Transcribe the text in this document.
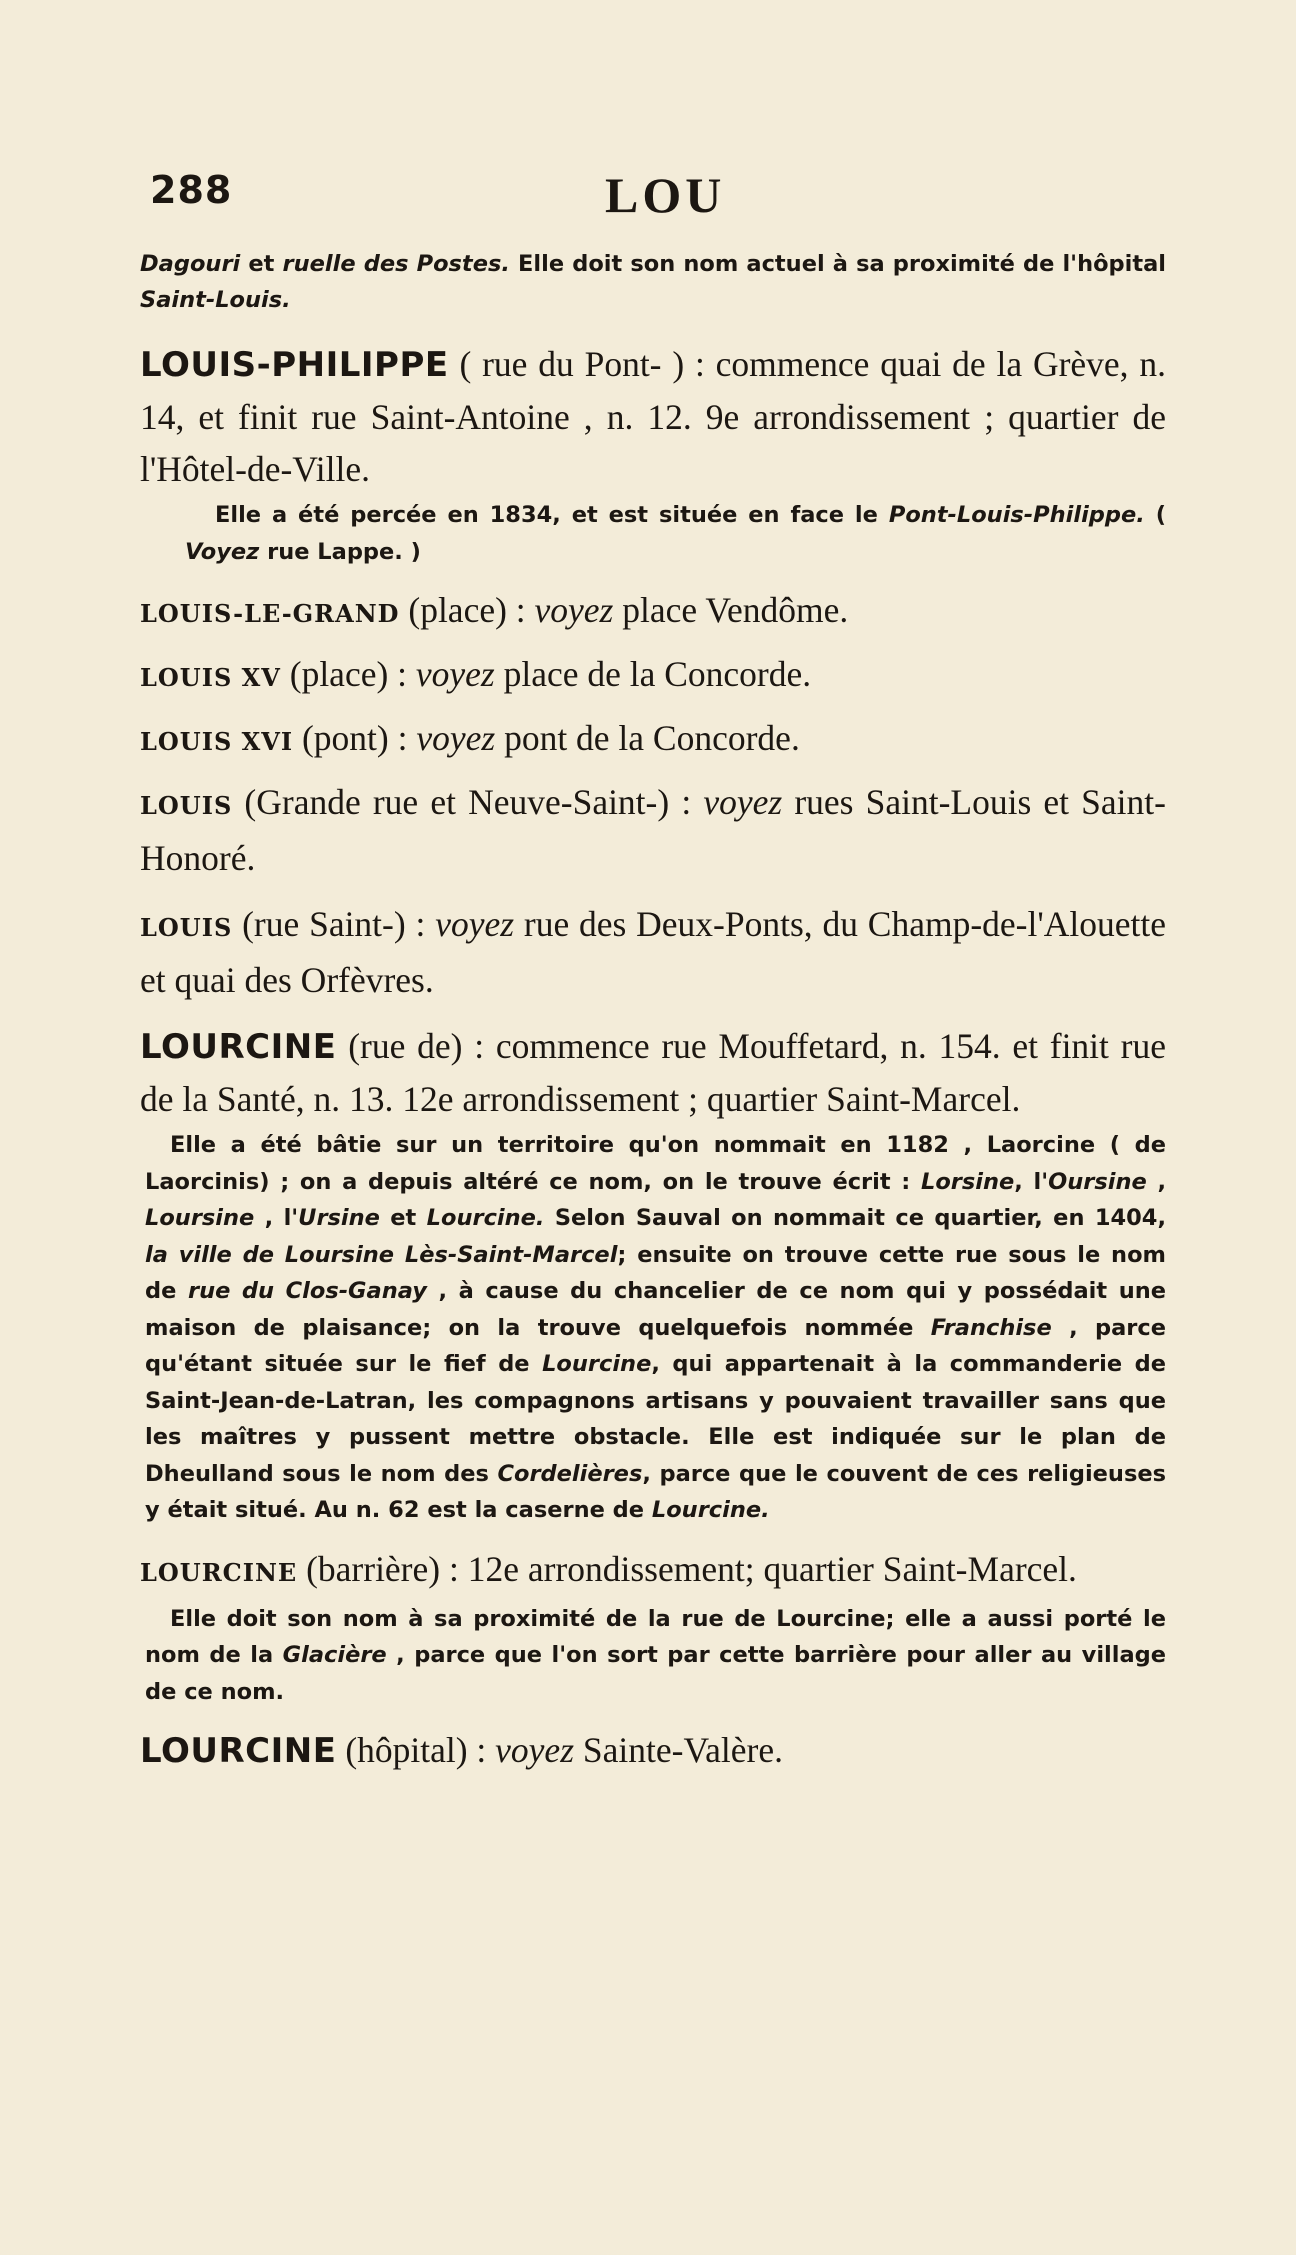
288	LOU
Dagouri et ruelle des Postes. Elle doit son nom actuel à sa proximité de l'hôpital Saint-Louis.
LOUIS-PHILIPPE ( rue du Pont- ) : commence quai de la Grève, n. 14, et finit rue Saint-Antoine , n. 12. 9e arrondissement ; quartier de l'Hôtel-de-Ville.
Elle a été percée en 1834, et est située en face le Pont-Louis-Philippe. ( Voyez rue Lappe. )
LOUIS-LE-GRAND (place) : voyez place Vendôme.
LOUIS XV (place) : voyez place de la Concorde.
LOUIS XVI (pont) : voyez pont de la Concorde.
LOUIS (Grande rue et Neuve-Saint-) : voyez rues Saint-Louis et Saint-Honoré.
LOUIS (rue Saint-) : voyez rue des Deux-Ponts, du Champ-de-l'Alouette et quai des Orfèvres.
LOURCINE (rue de) : commence rue Mouffetard, n. 154. et finit rue de la Santé, n. 13. 12e arrondissement ; quartier Saint-Marcel.
Elle a été bâtie sur un territoire qu'on nommait en 1182 , Laorcine ( de Laorcinis) ; on a depuis altéré ce nom, on le trouve écrit : Lorsine, l'Oursine , Loursine , l'Ursine et Lourcine. Selon Sauval on nommait ce quartier, en 1404, la ville de Loursine Lès-Saint-Marcel; ensuite on trouve cette rue sous le nom de rue du Clos-Ganay , à cause du chancelier de ce nom qui y possédait une maison de plaisance; on la trouve quelquefois nommée Franchise , parce qu'étant située sur le fief de Lourcine, qui appartenait à la commanderie de Saint-Jean-de-Latran, les compagnons artisans y pouvaient travailler sans que les maîtres y pussent mettre obstacle. Elle est indiquée sur le plan de Dheulland sous le nom des Cordelières, parce que le couvent de ces religieuses y était situé. Au n. 62 est la caserne de Lourcine.
LOURCINE (barrière) : 12e arrondissement; quartier Saint-Marcel.
Elle doit son nom à sa proximité de la rue de Lourcine; elle a aussi porté le nom de la Glacière , parce que l'on sort par cette barrière pour aller au village de ce nom.
LOURCINE (hôpital) : voyez Sainte-Valère.
